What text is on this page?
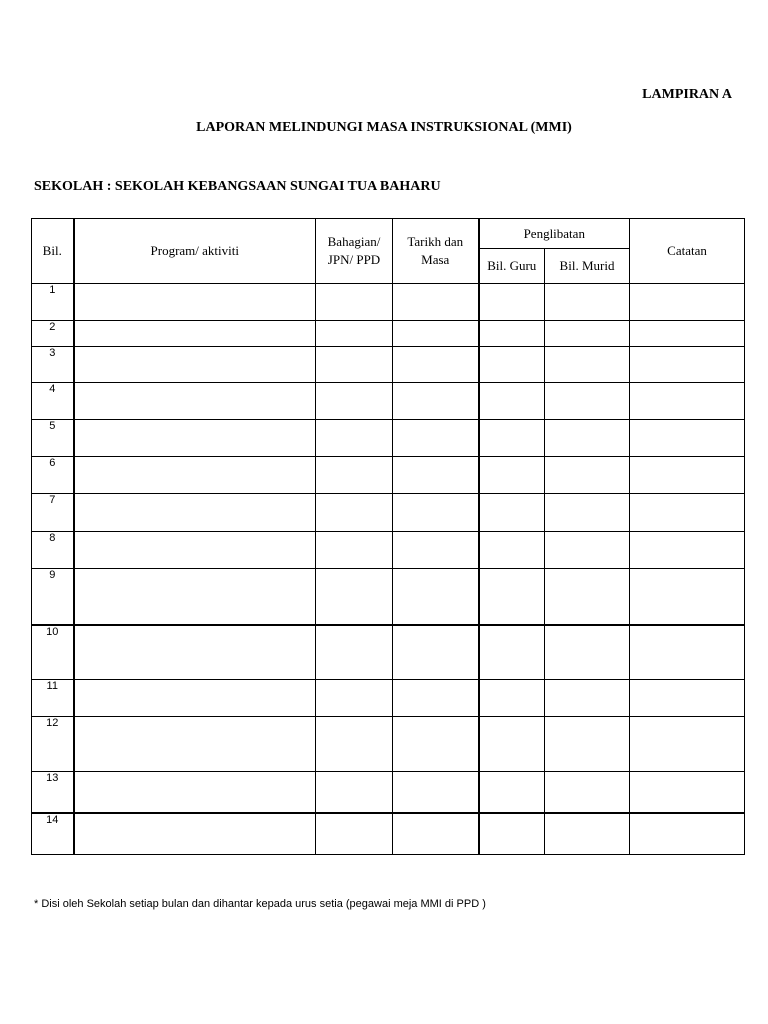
LAMPIRAN A
LAPORAN MELINDUNGI MASA INSTRUKSIONAL (MMI)
SEKOLAH : SEKOLAH KEBANGSAAN SUNGAI TUA BAHARU
Bil.	Program/ aktiviti	Bahagian/ JPN/ PPD	Tarikh dan Masa	Penglibatan		Catatan
				Bil. Guru	Bil. Murid	
1						
2						
3						
4						
5						
6						
7						
8						
9						
10						
11						
12						
13						
14						
* Disi oleh Sekolah setiap bulan dan dihantar kepada urus setia (pegawai meja MMI di PPD )
